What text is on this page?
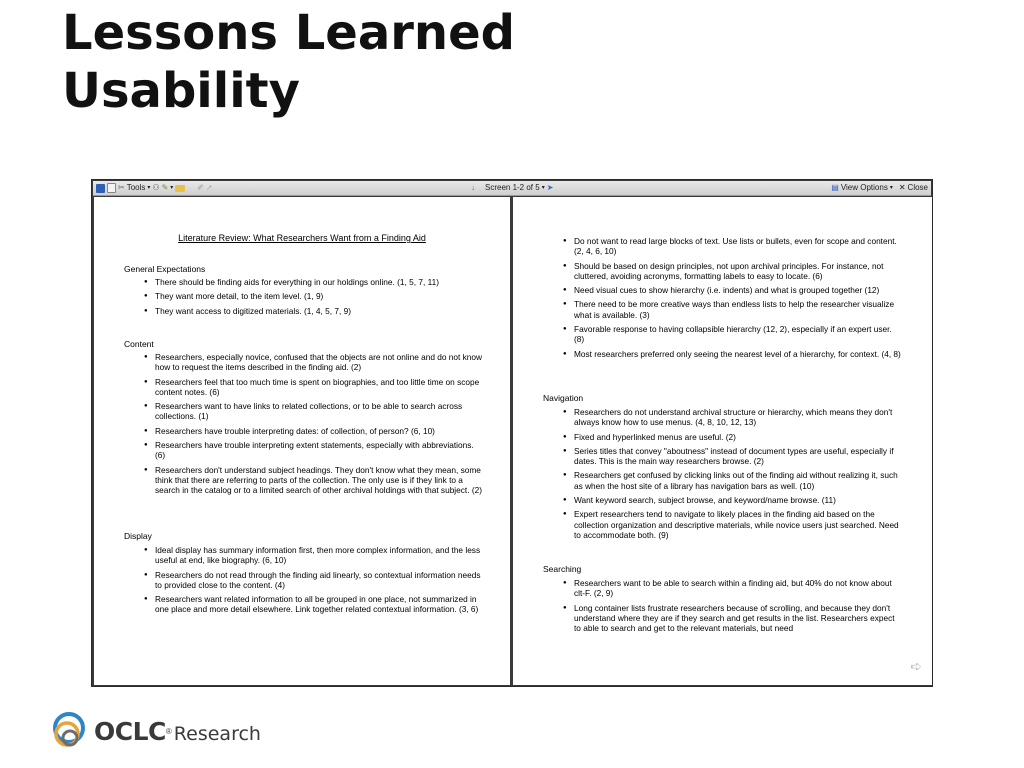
Lessons Learned
Usability
✂ Tools ▾ ⚇ ✎ ▾	✐ ➚	↓ Screen 1-2 of 5 ▾ ➤	▤ View Options ▾ ✕ Close
Literature Review: What Researchers Want from a Finding Aid
General Expectations
● There should be finding aids for everything in our holdings online. (1, 5, 7, 11)
● They want more detail, to the item level. (1, 9)
● They want access to digitized materials. (1, 4, 5, 7, 9)
Content
● Researchers, especially novice, confused that the objects are not online and do not know how to request the items described in the finding aid. (2)
● Researchers feel that too much time is spent on biographies, and too little time on scope content notes. (6)
● Researchers want to have links to related collections, or to be able to search across collections. (1)
● Researchers have trouble interpreting dates: of collection, of person? (6, 10)
● Researchers have trouble interpreting extent statements, especially with abbreviations. (6)
● Researchers don't understand subject headings. They don't know what they mean, some think that there are referring to parts of the collection. The only use is if they link to a search in the catalog or to a limited search of other archival holdings with that subject. (2)
Display
● Ideal display has summary information first, then more complex information, and the less useful at end, like biography. (6, 10)
● Researchers do not read through the finding aid linearly, so contextual information needs to provided close to the content. (4)
● Researchers want related information to all be grouped in one place, not summarized in one place and more detail elsewhere. Link together related contextual information. (3, 6)
● Do not want to read large blocks of text. Use lists or bullets, even for scope and content. (2, 4, 6, 10)
● Should be based on design principles, not upon archival principles. For instance, not cluttered, avoiding acronyms, formatting labels to easy to locate. (6)
● Need visual cues to show hierarchy (i.e. indents) and what is grouped together (12)
● There need to be more creative ways than endless lists to help the researcher visualize what is available. (3)
● Favorable response to having collapsible hierarchy (12, 2), especially if an expert user. (8)
● Most researchers preferred only seeing the nearest level of a hierarchy, for context. (4, 8)
Navigation
● Researchers do not understand archival structure or hierarchy, which means they don't always know how to use menus. (4, 8, 10, 12, 13)
● Fixed and hyperlinked menus are useful. (2)
● Series titles that convey "aboutness" instead of document types are useful, especially if dates. This is the main way researchers browse. (2)
● Researchers get confused by clicking links out of the finding aid without realizing it, such as when the host site of a library has navigation bars as well. (10)
● Want keyword search, subject browse, and keyword/name browse. (11)
● Expert researchers tend to navigate to likely places in the finding aid based on the collection organization and descriptive materials, while novice users just searched. Need to accommodate both. (9)
Searching
● Researchers want to be able to search within a finding aid, but 40% do not know about clt-F. (2, 9)
● Long container lists frustrate researchers because of scrolling, and because they don't understand where they are if they search and get results in the list. Researchers expect to able to search and get to the relevant materials, but need
➪
OCLC ® Research
